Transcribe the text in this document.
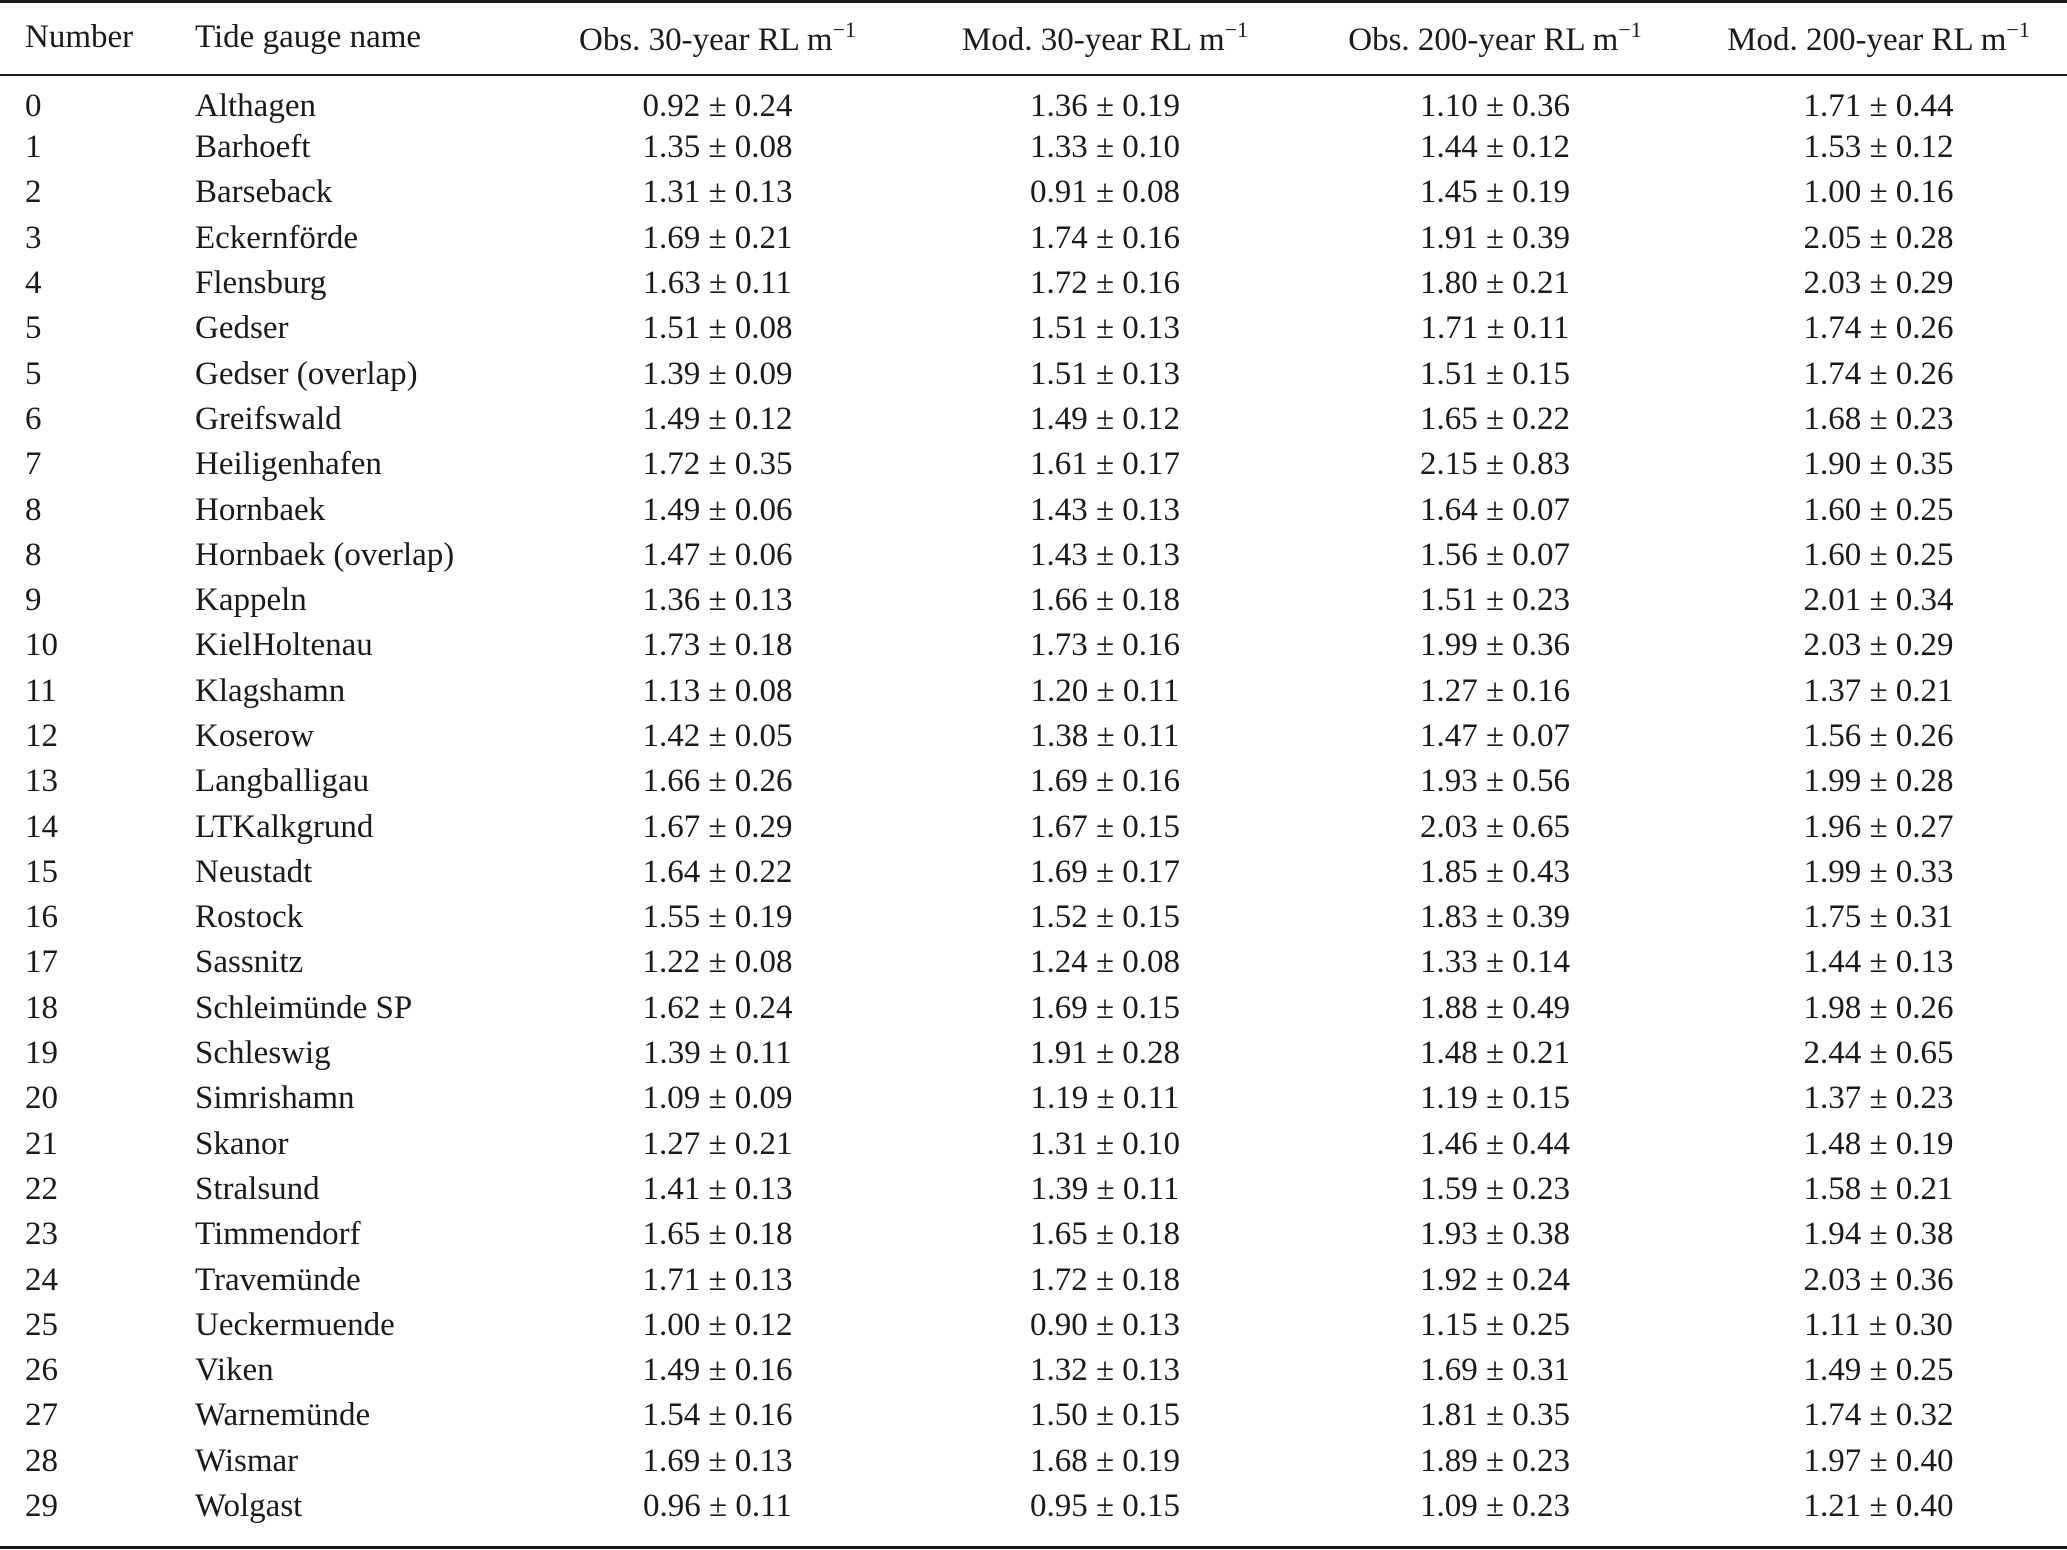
Number	Tide gauge name	Obs. 30-year RL $m^{-1}$	Mod. 30-year RL $m^{-1}$	Obs. 200-year RL $m^{-1}$	Mod. 200-year RL $m^{-1}$
0	Althagen	0.92 ± 0.24	1.36 ± 0.19	1.10 ± 0.36	1.71 ± 0.44
1	Barhoeft	1.35 ± 0.08	1.33 ± 0.10	1.44 ± 0.12	1.53 ± 0.12
2	Barseback	1.31 ± 0.13	0.91 ± 0.08	1.45 ± 0.19	1.00 ± 0.16
3	Eckernförde	1.69 ± 0.21	1.74 ± 0.16	1.91 ± 0.39	2.05 ± 0.28
4	Flensburg	1.63 ± 0.11	1.72 ± 0.16	1.80 ± 0.21	2.03 ± 0.29
5	Gedser	1.51 ± 0.08	1.51 ± 0.13	1.71 ± 0.11	1.74 ± 0.26
5	Gedser (overlap)	1.39 ± 0.09	1.51 ± 0.13	1.51 ± 0.15	1.74 ± 0.26
6	Greifswald	1.49 ± 0.12	1.49 ± 0.12	1.65 ± 0.22	1.68 ± 0.23
7	Heiligenhafen	1.72 ± 0.35	1.61 ± 0.17	2.15 ± 0.83	1.90 ± 0.35
8	Hornbaek	1.49 ± 0.06	1.43 ± 0.13	1.64 ± 0.07	1.60 ± 0.25
8	Hornbaek (overlap)	1.47 ± 0.06	1.43 ± 0.13	1.56 ± 0.07	1.60 ± 0.25
9	Kappeln	1.36 ± 0.13	1.66 ± 0.18	1.51 ± 0.23	2.01 ± 0.34
10	KielHoltenau	1.73 ± 0.18	1.73 ± 0.16	1.99 ± 0.36	2.03 ± 0.29
11	Klagshamn	1.13 ± 0.08	1.20 ± 0.11	1.27 ± 0.16	1.37 ± 0.21
12	Koserow	1.42 ± 0.05	1.38 ± 0.11	1.47 ± 0.07	1.56 ± 0.26
13	Langballigau	1.66 ± 0.26	1.69 ± 0.16	1.93 ± 0.56	1.99 ± 0.28
14	LTKalkgrund	1.67 ± 0.29	1.67 ± 0.15	2.03 ± 0.65	1.96 ± 0.27
15	Neustadt	1.64 ± 0.22	1.69 ± 0.17	1.85 ± 0.43	1.99 ± 0.33
16	Rostock	1.55 ± 0.19	1.52 ± 0.15	1.83 ± 0.39	1.75 ± 0.31
17	Sassnitz	1.22 ± 0.08	1.24 ± 0.08	1.33 ± 0.14	1.44 ± 0.13
18	Schleimünde SP	1.62 ± 0.24	1.69 ± 0.15	1.88 ± 0.49	1.98 ± 0.26
19	Schleswig	1.39 ± 0.11	1.91 ± 0.28	1.48 ± 0.21	2.44 ± 0.65
20	Simrishamn	1.09 ± 0.09	1.19 ± 0.11	1.19 ± 0.15	1.37 ± 0.23
21	Skanor	1.27 ± 0.21	1.31 ± 0.10	1.46 ± 0.44	1.48 ± 0.19
22	Stralsund	1.41 ± 0.13	1.39 ± 0.11	1.59 ± 0.23	1.58 ± 0.21
23	Timmendorf	1.65 ± 0.18	1.65 ± 0.18	1.93 ± 0.38	1.94 ± 0.38
24	Travemünde	1.71 ± 0.13	1.72 ± 0.18	1.92 ± 0.24	2.03 ± 0.36
25	Ueckermuende	1.00 ± 0.12	0.90 ± 0.13	1.15 ± 0.25	1.11 ± 0.30
26	Viken	1.49 ± 0.16	1.32 ± 0.13	1.69 ± 0.31	1.49 ± 0.25
27	Warnemünde	1.54 ± 0.16	1.50 ± 0.15	1.81 ± 0.35	1.74 ± 0.32
28	Wismar	1.69 ± 0.13	1.68 ± 0.19	1.89 ± 0.23	1.97 ± 0.40
29	Wolgast	0.96 ± 0.11	0.95 ± 0.15	1.09 ± 0.23	1.21 ± 0.40
